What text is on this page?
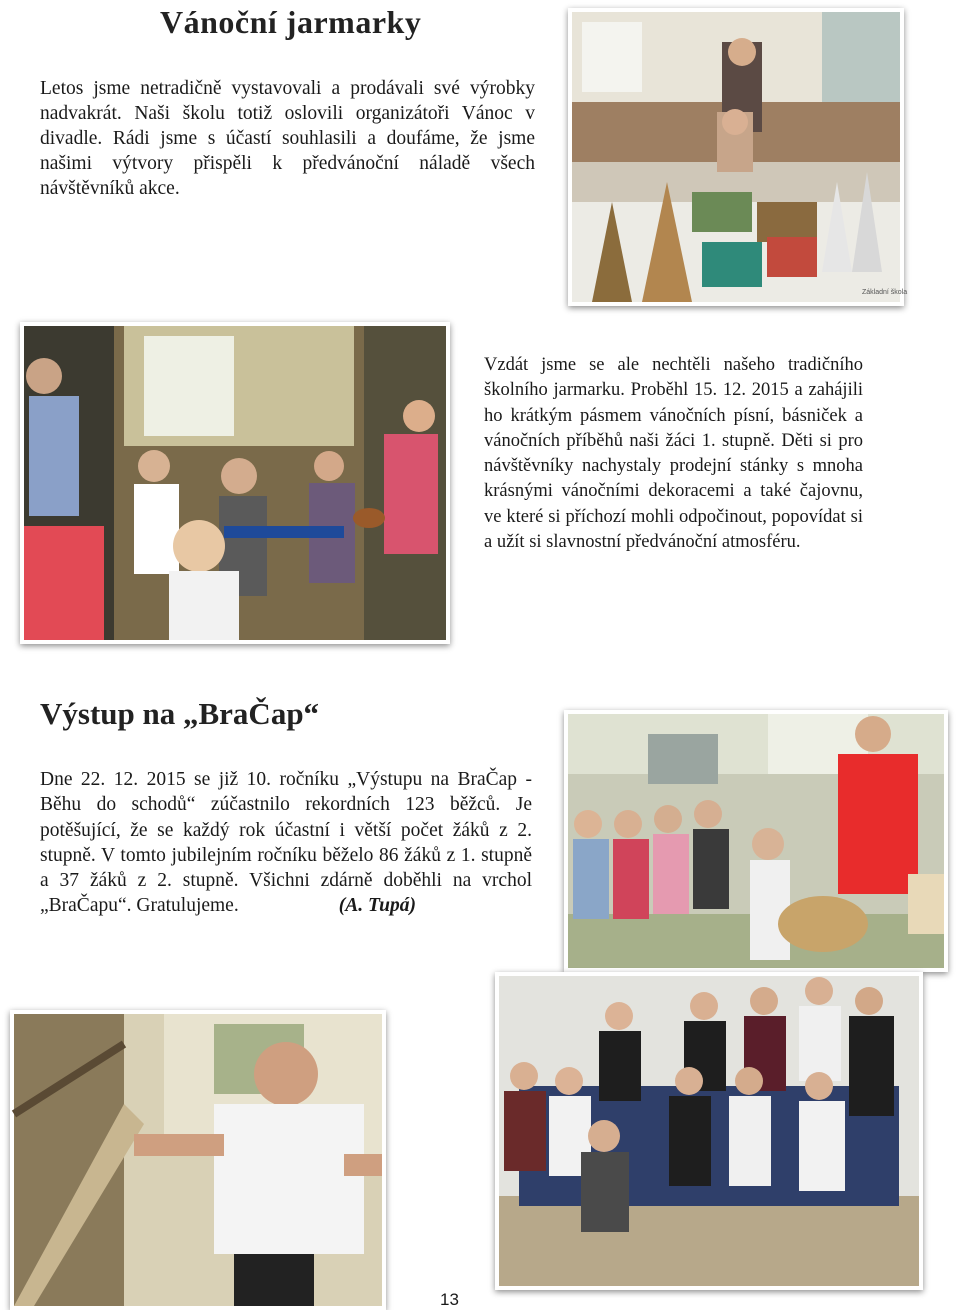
Vánoční jarmarky

Letos jsme netradičně vystavovali a prodávali své výrobky nadvakrát. Naši školu totiž oslovili organizátoři Vánoc v divadle. Rádi jsme s účastí souhlasili a doufáme, že jsme našimi výtvory přispěli k předvánoční náladě všech návštěvníků akce.

Základní škola

Vzdát jsme se ale nechtěli našeho tradičního školního jarmarku. Proběhl 15. 12. 2015 a zahájili ho krátkým pásmem vánočních písní, básniček a vánočních příběhů naši žáci 1. stupně. Děti si pro návštěvníky nachystaly prodejní stánky s mnoha krásnými vánočními dekoracemi a také čajovnu, ve které si příchozí mohli odpočinout, popovídat si a užít si slavnostní předvánoční atmosféru.

Výstup na „BraČap“

Dne 22. 12. 2015 se již 10. ročníku „Výstupu na BraČap - Běhu do schodů“ zúčastnilo rekordních 123 běžců. Je potěšující, že se každý rok účastní i větší počet žáků z 2. stupně. V tomto jubilejním ročníku běželo 86 žáků z 1. stupně a 37 žáků z 2. stupně. Všichni zdárně doběhli na vrchol „BraČapu“. Gratulujeme.	(A. Tupá)

13
